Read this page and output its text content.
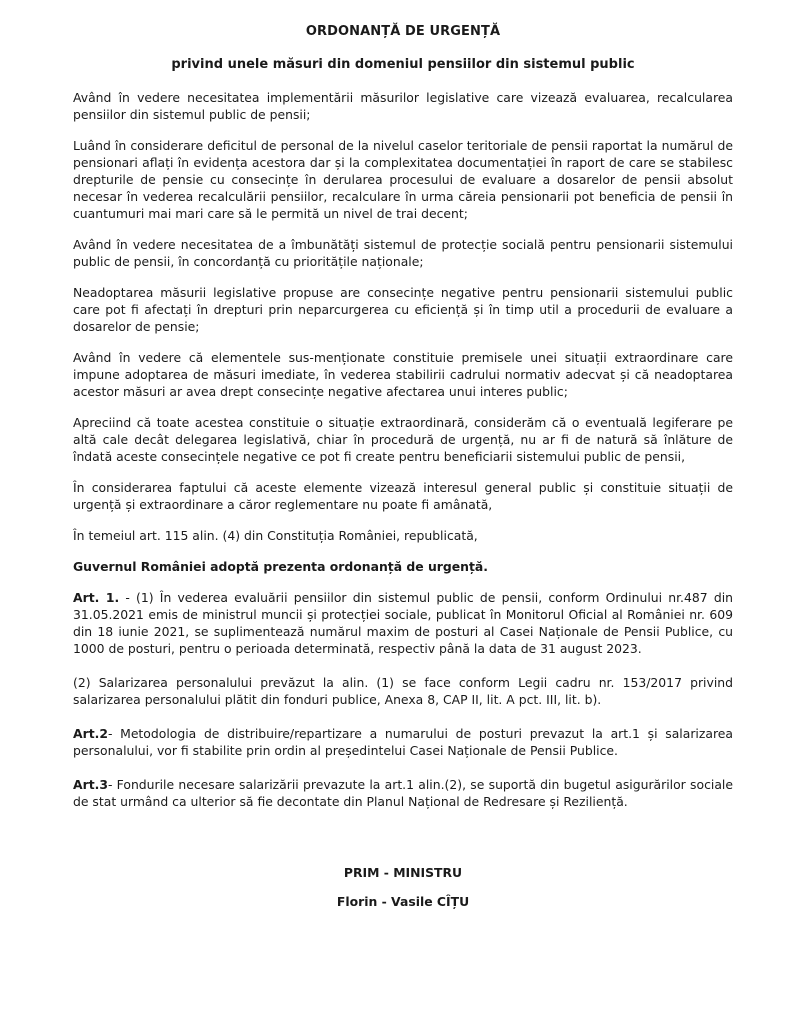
ORDONANȚĂ DE URGENȚĂ
privind unele măsuri din domeniul pensiilor din sistemul public

Având în vedere necesitatea implementării măsurilor legislative care vizează evaluarea, recalcularea pensiilor din sistemul public de pensii;

Luând în considerare deficitul de personal de la nivelul caselor teritoriale de pensii raportat la numărul de pensionari aflați în evidența acestora dar și la complexitatea documentației în raport de care se stabilesc drepturile de pensie cu consecințe în derularea procesului de evaluare a dosarelor de pensii absolut necesar în vederea recalculării pensiilor, recalculare în urma căreia pensionarii pot beneficia de pensii în cuantumuri mai mari care să le permită un nivel de trai decent;

Având în vedere necesitatea de a îmbunătăți sistemul de protecție socială pentru pensionarii sistemului public de pensii, în concordanță cu prioritățile naționale;

Neadoptarea măsurii legislative propuse are consecințe negative pentru pensionarii sistemului public care pot fi afectați în drepturi prin neparcurgerea cu eficiență și în timp util a procedurii de evaluare a dosarelor de pensie;

Având în vedere că elementele sus-menționate constituie premisele unei situații extraordinare care impune adoptarea de măsuri imediate, în vederea stabilirii cadrului normativ adecvat și că neadoptarea acestor măsuri ar avea drept consecințe negative afectarea unui interes public;

Apreciind că toate acestea constituie o situație extraordinară, considerăm că o eventuală legiferare pe altă cale decât delegarea legislativă, chiar în procedură de urgență, nu ar fi de natură să înlăture de îndată aceste consecințele negative ce pot fi create pentru beneficiarii sistemului public de pensii,

În considerarea faptului că aceste elemente vizează interesul general public și constituie situații de urgență și extraordinare a căror reglementare nu poate fi amânată,

În temeiul art. 115 alin. (4) din Constituția României, republicată,

Guvernul României adoptă prezenta ordonanță de urgență.

Art. 1. - (1) În vederea evaluării pensiilor din sistemul public de pensii, conform Ordinului nr.487 din 31.05.2021 emis de ministrul muncii și protecției sociale, publicat în Monitorul Oficial al României nr. 609 din 18 iunie 2021, se suplimentează numărul maxim de posturi al Casei Naționale de Pensii Publice, cu 1000 de posturi, pentru o perioada determinată, respectiv până la data de 31 august 2023.

(2) Salarizarea personalului prevăzut la alin. (1) se face conform Legii cadru nr. 153/2017 privind salarizarea personalului plătit din fonduri publice, Anexa 8, CAP II, lit. A pct. III, lit. b).

Art.2- Metodologia de distribuire/repartizare a numarului de posturi prevazut la art.1 și salarizarea personalului, vor fi stabilite prin ordin al președintelui Casei Naționale de Pensii Publice.

Art.3- Fondurile necesare salarizării prevazute la art.1 alin.(2), se suportă din bugetul asigurărilor sociale de stat urmând ca ulterior să fie decontate din Planul Național de Redresare și Reziliență.

PRIM - MINISTRU

Florin - Vasile CÎȚU
